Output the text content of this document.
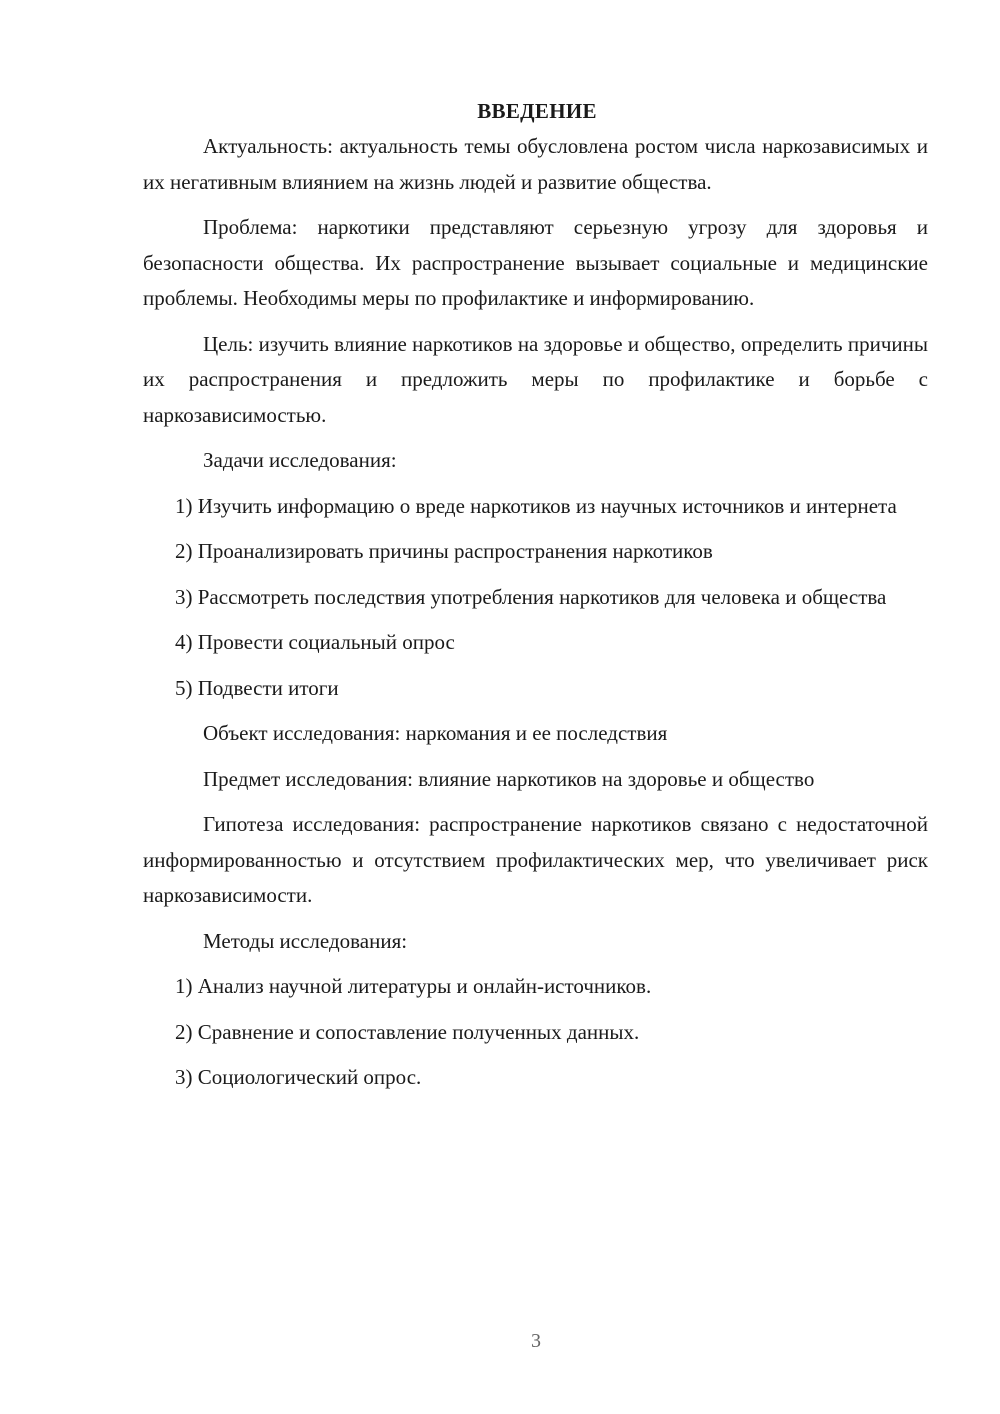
ВВЕДЕНИЕ

Актуальность: актуальность темы обусловлена ростом числа наркозависимых и их негативным влиянием на жизнь людей и развитие общества.

Проблема: наркотики представляют серьезную угрозу для здоровья и безопасности общества. Их распространение вызывает социальные и медицинские проблемы. Необходимы меры по профилактике и информированию.

Цель: изучить влияние наркотиков на здоровье и общество, определить причины их распространения и предложить меры по профилактике и борьбе с наркозависимостью.

Задачи исследования:

1) Изучить информацию о вреде наркотиков из научных источников и интернета

2) Проанализировать причины распространения наркотиков

3) Рассмотреть последствия употребления наркотиков для человека и общества

4) Провести социальный опрос

5) Подвести итоги

Объект исследования: наркомания и ее последствия

Предмет исследования: влияние наркотиков на здоровье и общество

Гипотеза исследования: распространение наркотиков связано с недостаточной информированностью и отсутствием профилактических мер, что увеличивает риск наркозависимости.

Методы исследования:

1) Анализ научной литературы и онлайн-источников.

2) Сравнение и сопоставление полученных данных.

3) Социологический опрос.

3
